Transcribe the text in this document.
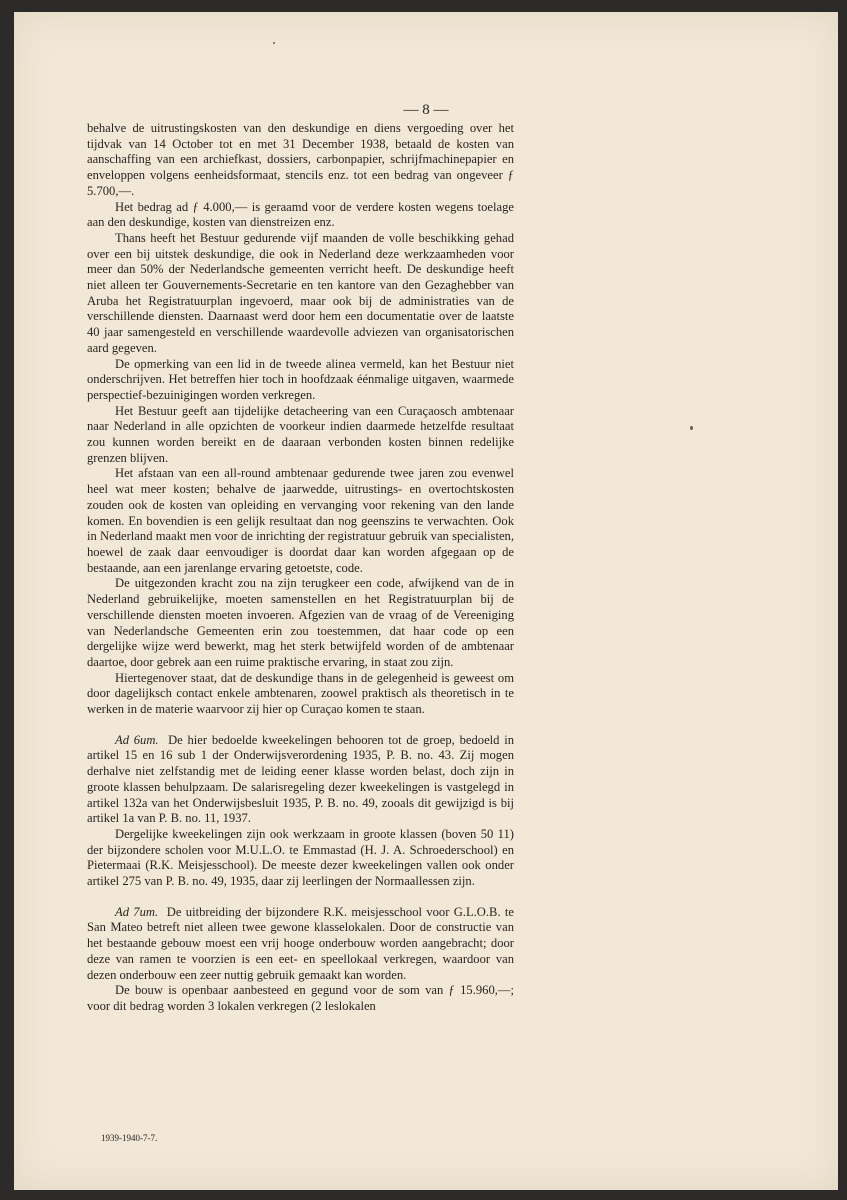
— 8 —

behalve de uitrustingskosten van den deskundige en diens vergoeding over het tijdvak van 14 October tot en met 31 December 1938, betaald de kosten van aanschaffing van een archiefkast, dossiers, carbonpapier, schrijfmachinepapier en enveloppen volgens eenheidsformaat, stencils enz. tot een bedrag van ongeveer ƒ 5.700,—.

Het bedrag ad ƒ 4.000,— is geraamd voor de verdere kosten wegens toelage aan den deskundige, kosten van dienstreizen enz.

Thans heeft het Bestuur gedurende vijf maanden de volle beschikking gehad over een bij uitstek deskundige, die ook in Nederland deze werkzaamheden voor meer dan 50% der Nederlandsche gemeenten verricht heeft. De deskundige heeft niet alleen ter Gouvernements-Secretarie en ten kantore van den Gezaghebber van Aruba het Registratuurplan ingevoerd, maar ook bij de administraties van de verschillende diensten. Daarnaast werd door hem een documentatie over de laatste 40 jaar samengesteld en verschillende waardevolle adviezen van organisatorischen aard gegeven.

De opmerking van een lid in de tweede alinea vermeld, kan het Bestuur niet onderschrijven. Het betreffen hier toch in hoofdzaak éénmalige uitgaven, waarmede perspectief-bezuinigingen worden verkregen.

Het Bestuur geeft aan tijdelijke detacheering van een Curaçaosch ambtenaar naar Nederland in alle opzichten de voorkeur indien daarmede hetzelfde resultaat zou kunnen worden bereikt en de daaraan verbonden kosten binnen redelijke grenzen blijven.

Het afstaan van een all-round ambtenaar gedurende twee jaren zou evenwel heel wat meer kosten; behalve de jaarwedde, uitrustings- en overtochtskosten zouden ook de kosten van opleiding en vervanging voor rekening van den lande komen. En bovendien is een gelijk resultaat dan nog geenszins te verwachten. Ook in Nederland maakt men voor de inrichting der registratuur gebruik van specialisten, hoewel de zaak daar eenvoudiger is doordat daar kan worden afgegaan op de bestaande, aan een jarenlange ervaring getoetste, code.

De uitgezonden kracht zou na zijn terugkeer een code, afwijkend van de in Nederland gebruikelijke, moeten samenstellen en het Registratuurplan bij de verschillende diensten moeten invoeren. Afgezien van de vraag of de Vereeniging van Nederlandsche Gemeenten erin zou toestemmen, dat haar code op een dergelijke wijze werd bewerkt, mag het sterk betwijfeld worden of de ambtenaar daartoe, door gebrek aan een ruime praktische ervaring, in staat zou zijn.

Hiertegenover staat, dat de deskundige thans in de gelegenheid is geweest om door dagelijksch contact enkele ambtenaren, zoowel praktisch als theoretisch in te werken in de materie waarvoor zij hier op Curaçao komen te staan.

Ad 6um. De hier bedoelde kweekelingen behooren tot de groep, bedoeld in artikel 15 en 16 sub 1 der Onderwijsverordening 1935, P. B. no. 43. Zij mogen derhalve niet zelfstandig met de leiding eener klasse worden belast, doch zijn in groote klassen behulpzaam. De salarisregeling dezer kweekelingen is vastgelegd in artikel 132a van het Onderwijsbesluit 1935, P. B. no. 49, zooals dit gewijzigd is bij artikel 1a van P. B. no. 11, 1937.

Dergelijke kweekelingen zijn ook werkzaam in groote klassen (boven 50 11) der bijzondere scholen voor M.U.L.O. te Emmastad (H. J. A. Schroederschool) en Pietermaai (R.K. Meisjesschool). De meeste dezer kweekelingen vallen ook onder artikel 275 van P. B. no. 49, 1935, daar zij leerlingen der Normaallessen zijn.

Ad 7um. De uitbreiding der bijzondere R.K. meisjesschool voor G.L.O.B. te San Mateo betreft niet alleen twee gewone klasselokalen. Door de constructie van het bestaande gebouw moest een vrij hooge onderbouw worden aangebracht; door deze van ramen te voorzien is een eet- en speellokaal verkregen, waardoor van dezen onderbouw een zeer nuttig gebruik gemaakt kan worden.

De bouw is openbaar aanbesteed en gegund voor de som van ƒ 15.960,—; voor dit bedrag worden 3 lokalen verkregen (2 leslokalen

1939-1940-7-7.
